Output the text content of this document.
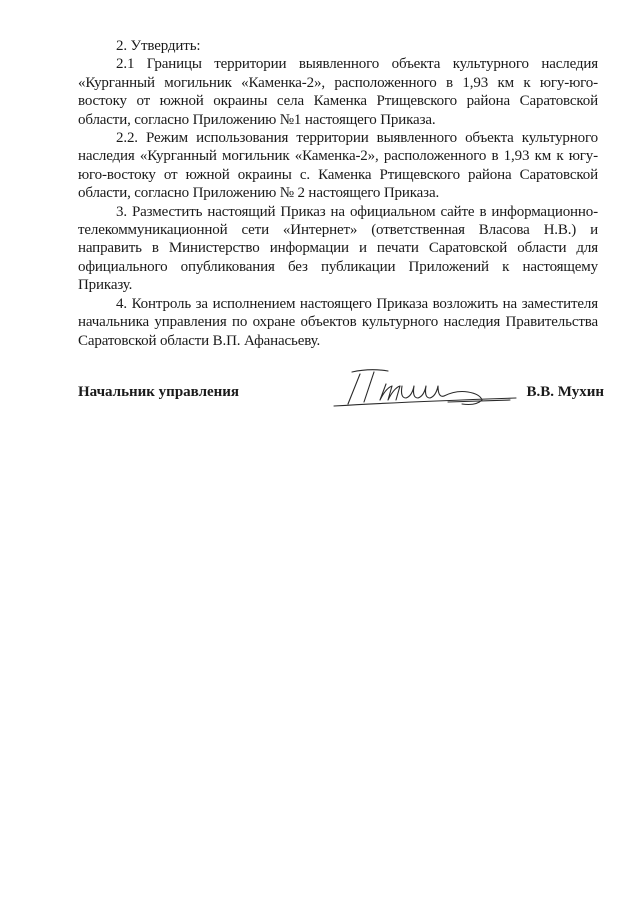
2. Утвердить:

2.1 Границы территории выявленного объекта культурного наследия «Курганный могильник «Каменка-2», расположенного в 1,93 км к югу-юго-востоку от южной окраины села Каменка Ртищевского района Саратовской области, согласно Приложению №1 настоящего Приказа.

2.2. Режим использования территории выявленного объекта культурного наследия «Курганный могильник «Каменка-2», расположенного в 1,93 км к югу-юго-востоку от южной окраины с. Каменка Ртищевского района Саратовской области, согласно Приложению № 2 настоящего Приказа.

3. Разместить настоящий Приказ на официальном сайте в информационно-телекоммуникационной сети «Интернет» (ответственная Власова Н.В.) и направить в Министерство информации и печати Саратовской области для официального опубликования без публикации Приложений к настоящему Приказу.

4. Контроль за исполнением настоящего Приказа возложить на заместителя начальника управления по охране объектов культурного наследия Правительства Саратовской области В.П. Афанасьеву.

Начальник управления	В.В. Мухин
